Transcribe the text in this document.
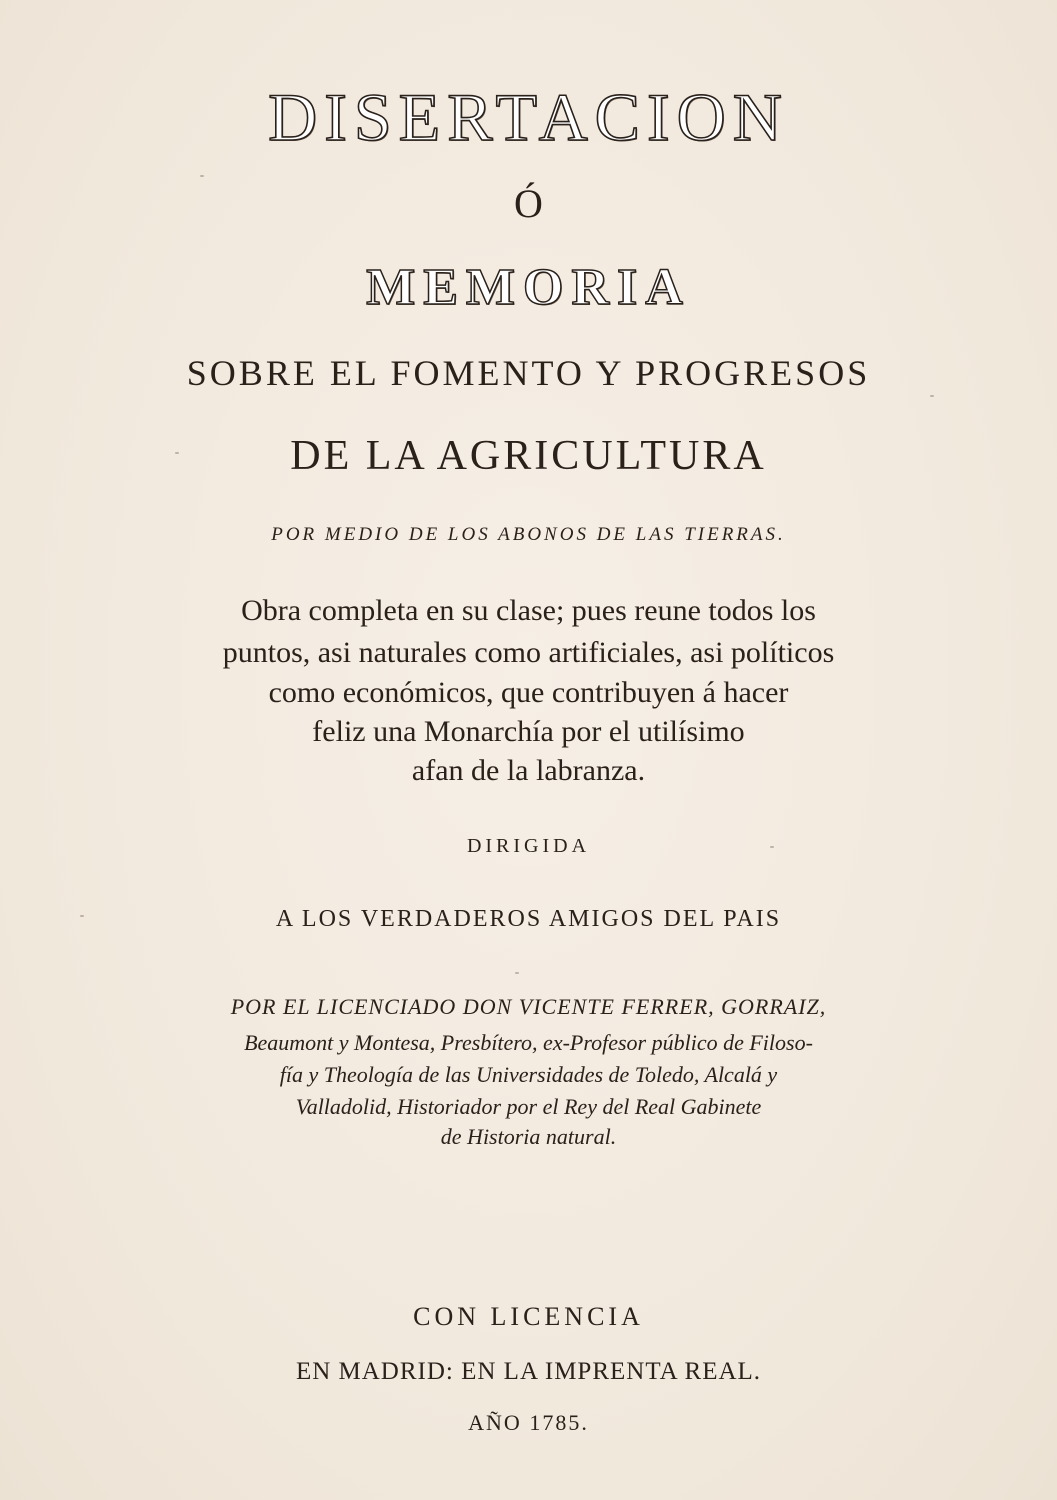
DISERTACION
Ó
MEMORIA
SOBRE EL FOMENTO Y PROGRESOS
DE LA AGRICULTURA
POR MEDIO DE LOS ABONOS DE LAS TIERRAS.
Obra completa en su clase; pues reune todos los
puntos, asi naturales como artificiales, asi políticos
como económicos, que contribuyen á hacer
feliz una Monarchía por el utilísimo
afan de la labranza.
DIRIGIDA
A LOS VERDADEROS AMIGOS DEL PAIS
POR EL LICENCIADO DON VICENTE FERRER, GORRAIZ,
Beaumont y Montesa, Presbítero, ex-Profesor público de Filoso-
fía y Theología de las Universidades de Toledo, Alcalá y
Valladolid, Historiador por el Rey del Real Gabinete
de Historia natural.
CON LICENCIA
EN MADRID: EN LA IMPRENTA REAL.
AÑO 1785.
